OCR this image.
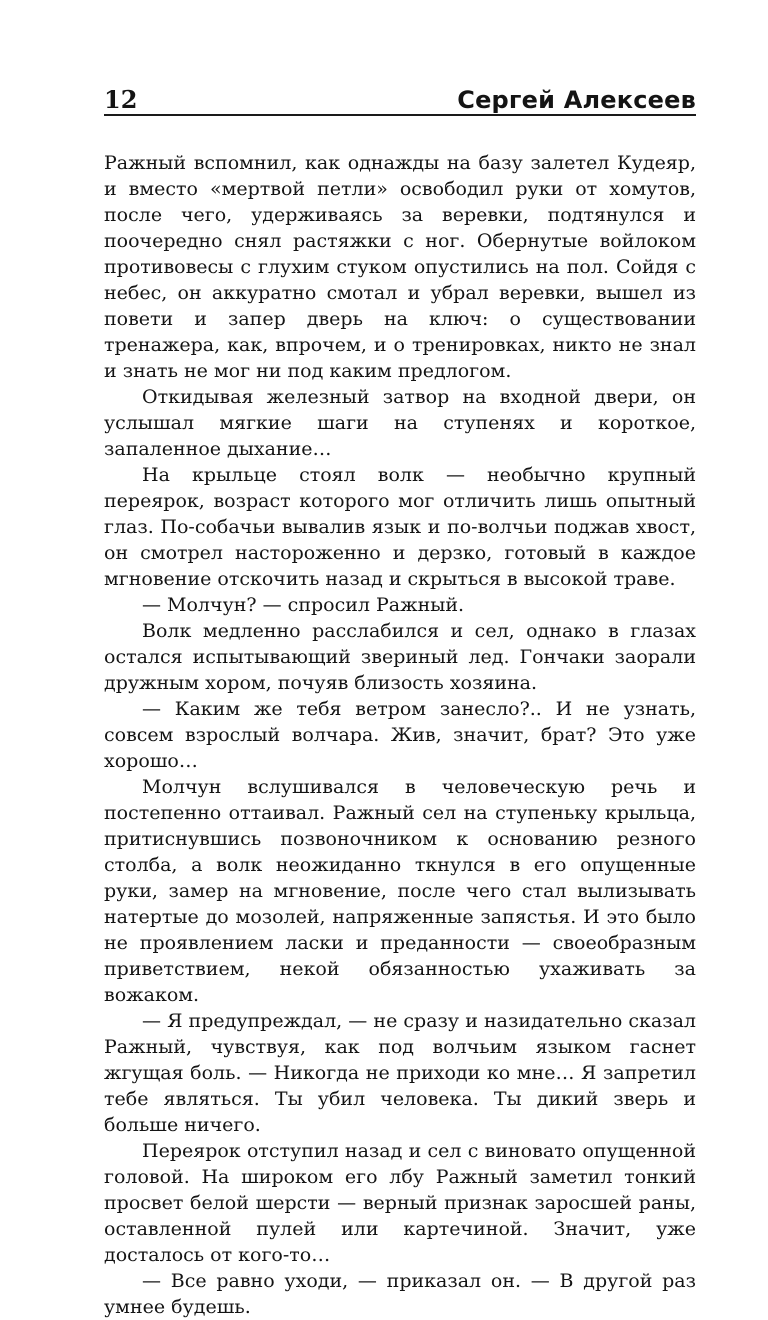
12	Сергей Алексеев

Ражный вспомнил, как однажды на базу залетел Кудеяр, и вместо «мертвой петли» освободил руки от хомутов, после чего, удерживаясь за веревки, подтянулся и поочередно снял растяжки с ног. Обернутые войлоком противовесы с глухим стуком опустились на пол. Сойдя с небес, он аккуратно смотал и убрал веревки, вышел из повети и запер дверь на ключ: о существовании тренажера, как, впрочем, и о тренировках, никто не знал и знать не мог ни под каким предлогом.

Откидывая железный затвор на входной двери, он услышал мягкие шаги на ступенях и короткое, запаленное дыхание…

На крыльце стоял волк — необычно крупный переярок, возраст которого мог отличить лишь опытный глаз. По-собачьи вывалив язык и по-волчьи поджав хвост, он смотрел настороженно и дерзко, готовый в каждое мгновение отскочить назад и скрыться в высокой траве.

— Молчун? — спросил Ражный.

Волк медленно расслабился и сел, однако в глазах остался испытывающий звериный лед. Гончаки заорали дружным хором, почуяв близость хозяина.

— Каким же тебя ветром занесло?.. И не узнать, совсем взрослый волчара. Жив, значит, брат? Это уже хорошо…

Молчун вслушивался в человеческую речь и постепенно оттаивал. Ражный сел на ступеньку крыльца, притиснувшись позвоночником к основанию резного столба, а волк неожиданно ткнулся в его опущенные руки, замер на мгновение, после чего стал вылизывать натертые до мозолей, напряженные запястья. И это было не проявлением ласки и преданности — своеобразным приветствием, некой обязанностью ухаживать за вожаком.

— Я предупреждал, — не сразу и назидательно сказал Ражный, чувствуя, как под волчьим языком гаснет жгущая боль. — Никогда не приходи ко мне… Я запретил тебе являться. Ты убил человека. Ты дикий зверь и больше ничего.

Переярок отступил назад и сел с виновато опущенной головой. На широком его лбу Ражный заметил тонкий просвет белой шерсти — верный признак заросшей раны, оставленной пулей или картечиной. Значит, уже досталось от кого-то…

— Все равно уходи, — приказал он. — В другой раз умнее будешь.
